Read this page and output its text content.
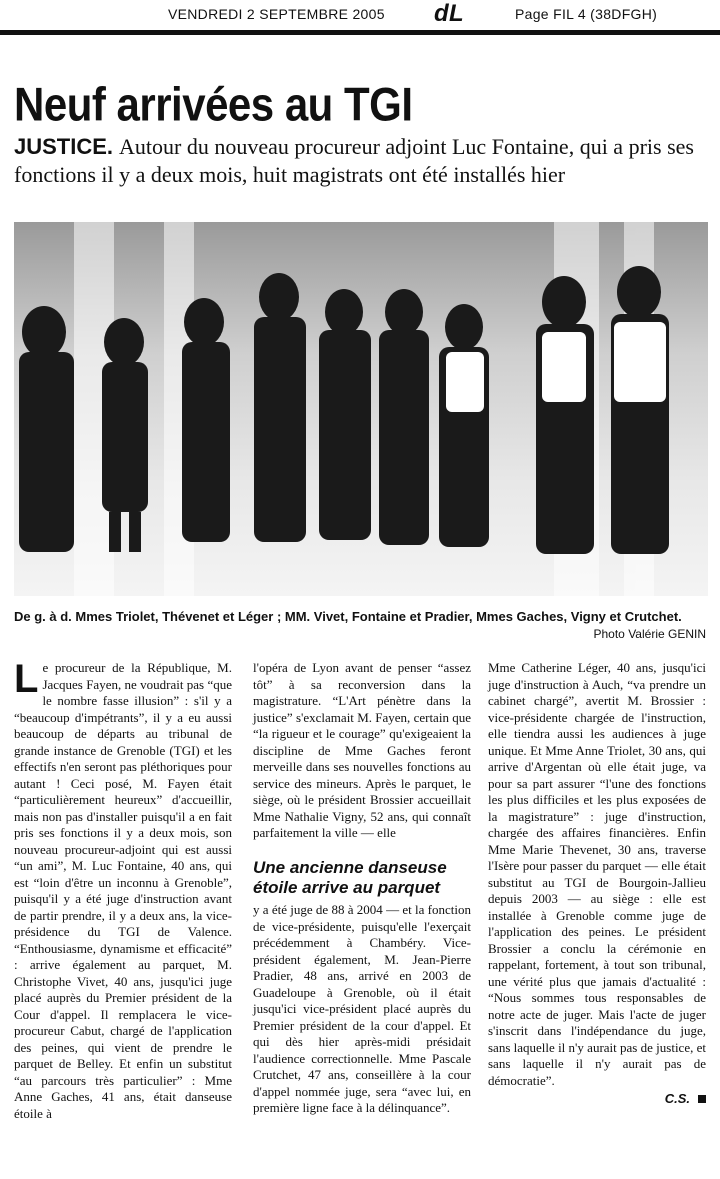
VENDREDI 2 SEPTEMBRE 2005 dL	Page FIL 4 (38DFGH)
Neuf arrivées au TGI

JUSTICE. Autour du nouveau procureur adjoint Luc Fontaine, qui a pris ses fonctions il y a deux mois, huit magistrats ont été installés hier

De g. à d. Mmes Triolet, Thévenet et Léger ; MM. Vivet, Fontaine et Pradier, Mmes Gaches, Vigny et Crutchet.

Photo Valérie GENIN

L e procureur de la République, M. Jacques Fayen, ne voudrait pas “que le nombre fasse illusion” : s'il y a “beaucoup d'impétrants”, il y a eu aussi beaucoup de départs au tribunal de grande instance de Grenoble (TGI) et les effectifs n'en seront pas pléthoriques pour autant ! Ceci posé, M. Fayen était “particulièrement heureux” d'accueillir, mais non pas d'installer puisqu'il a en fait pris ses fonctions il y a deux mois, son nouveau procureur-adjoint qui est aussi “un ami”, M. Luc Fontaine, 40 ans, qui est “loin d'être un inconnu à Grenoble”, puisqu'il y a été juge d'instruction avant de partir prendre, il y a deux ans, la vice-présidence du TGI de Valence. “Enthousiasme, dynamisme et efficacité” : arrive également au parquet, M. Christophe Vivet, 40 ans, jusqu'ici juge placé auprès du Premier président de la Cour d'appel. Il remplacera le vice-procureur Cabut, chargé de l'application des peines, qui vient de prendre le parquet de Belley. Et enfin un substitut “au parcours très particulier” : Mme Anne Gaches, 41 ans, était danseuse étoile à

l'opéra de Lyon avant de penser “assez tôt” à sa reconversion dans la magistrature. “L'Art pénètre dans la justice” s'exclamait M. Fayen, certain que “la rigueur et le courage” qu'exigeaient la discipline de Mme Gaches feront merveille dans ses nouvelles fonctions au service des mineurs. Après le parquet, le siège, où le président Brossier accueillait Mme Nathalie Vigny, 52 ans, qui connaît parfaitement la ville — elle

Une ancienne danseuse étoile arrive au parquet

y a été juge de 88 à 2004 — et la fonction de vice-présidente, puisqu'elle l'exerçait précédemment à Chambéry. Vice-président également, M. Jean-Pierre Pradier, 48 ans, arrivé en 2003 de Guadeloupe à Grenoble, où il était jusqu'ici vice-président placé auprès du Premier président de la cour d'appel. Et qui dès hier après-midi présidait l'audience correctionnelle. Mme Pascale Crutchet, 47 ans, conseillère à la cour d'appel nommée juge, sera “avec lui, en première ligne face à la délinquance”.

Mme Catherine Léger, 40 ans, jusqu'ici juge d'instruction à Auch, “va prendre un cabinet chargé”, avertit M. Brossier : vice-présidente chargée de l'instruction, elle tiendra aussi les audiences à juge unique. Et Mme Anne Triolet, 30 ans, qui arrive d'Argentan où elle était juge, va pour sa part assurer “l'une des fonctions les plus difficiles et les plus exposées de la magistrature” : juge d'instruction, chargée des affaires financières. Enfin Mme Marie Thevenet, 30 ans, traverse l'Isère pour passer du parquet — elle était substitut au TGI de Bourgoin-Jallieu depuis 2003 — au siège : elle est installée à Grenoble comme juge de l'application des peines. Le président Brossier a conclu la cérémonie en rappelant, fortement, à tout son tribunal, une vérité plus que jamais d'actualité : “Nous sommes tous responsables de notre acte de juger. Mais l'acte de juger s'inscrit dans l'indépendance du juge, sans laquelle il n'y aurait pas de justice, et sans laquelle il n'y aurait pas de démocratie”.

C.S.
